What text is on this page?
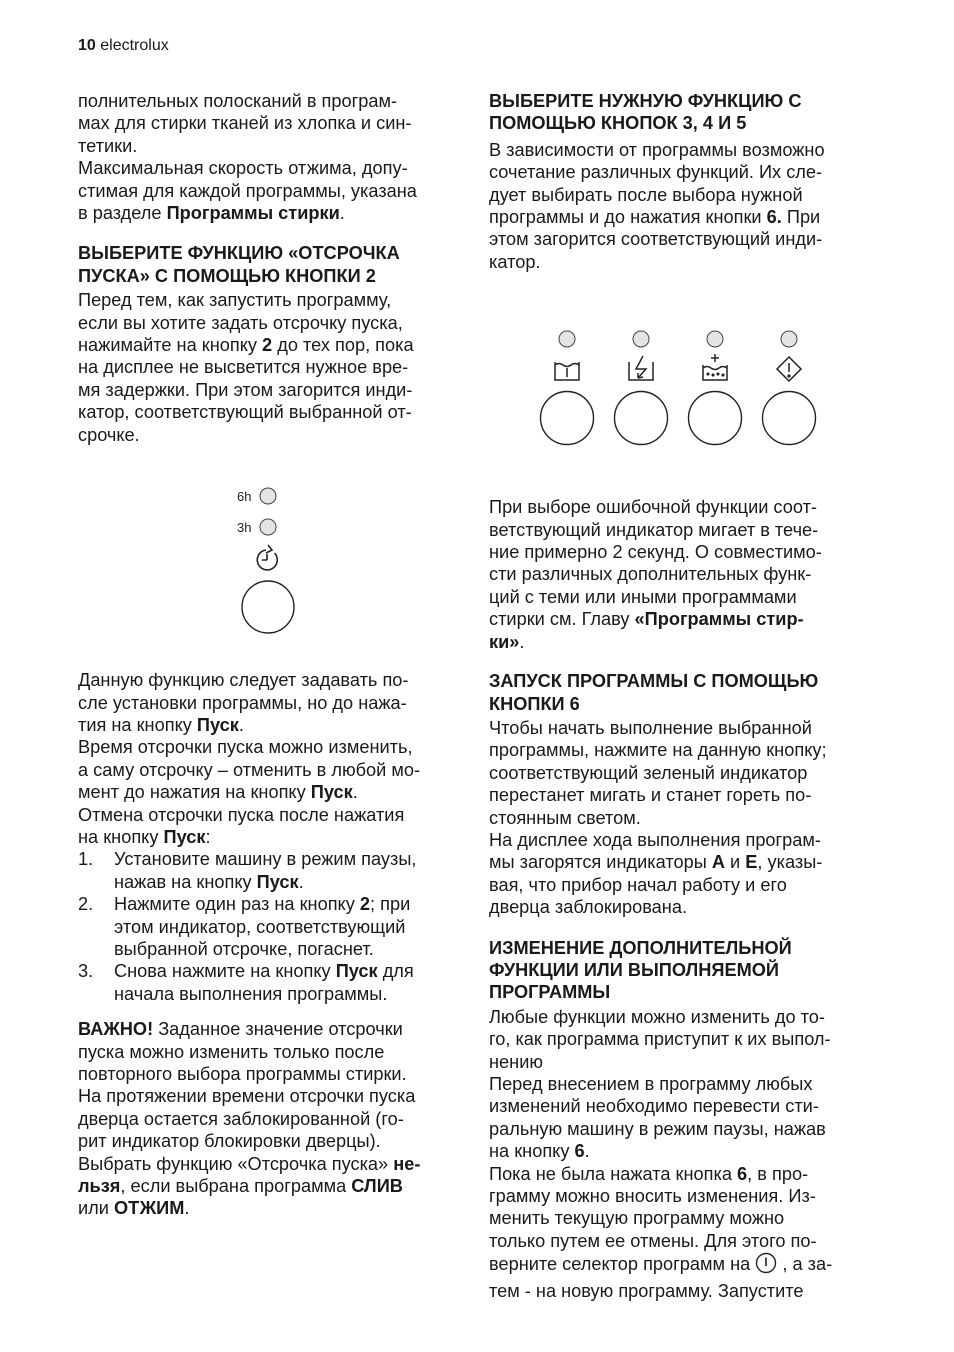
10 electrolux

полнительных полосканий в програм-
мах для стирки тканей из хлопка и син-
тетики.

Максимальная скорость отжима, допу-
стимая для каждой программы, указана
в разделе Программы стирки.

ВЫБЕРИТЕ ФУНКЦИЮ «ОТСРОЧКА
ПУСКА» С ПОМОЩЬЮ КНОПКИ 2

Перед тем, как запустить программу,
если вы хотите задать отсрочку пуска,
нажимайте на кнопку 2 до тех пор, пока
на дисплее не высветится нужное вре-
мя задержки. При этом загорится инди-
катор, соответствующий выбранной от-
срочке.

Данную функцию следует задавать по-
сле установки программы, но до нажа-
тия на кнопку Пуск.

Время отсрочки пуска можно изменить,
а саму отсрочку – отменить в любой мо-
мент до нажатия на кнопку Пуск.

Отмена отсрочки пуска после нажатия
на кнопку Пуск:

1. Установите машину в режим паузы,
нажав на кнопку Пуск.
2. Нажмите один раз на кнопку 2; при
этом индикатор, соответствующий
выбранной отсрочке, погаснет.
3. Снова нажмите на кнопку Пуск для
начала выполнения программы.

ВАЖНО! Заданное значение отсрочки
пуска можно изменить только после
повторного выбора программы стирки.
На протяжении времени отсрочки пуска
дверца остается заблокированной (го-
рит индикатор блокировки дверцы).
Выбрать функцию «Отсрочка пуска» не-
льзя, если выбрана программа СЛИВ
или ОТЖИМ.

6h
3h
ВЫБЕРИТЕ НУЖНУЮ ФУНКЦИЮ С
ПОМОЩЬЮ КНОПОК 3, 4 И 5

В зависимости от программы возможно
сочетание различных функций. Их сле-
дует выбирать после выбора нужной
программы и до нажатия кнопки 6. При
этом загорится соответствующий инди-
катор.

При выборе ошибочной функции соот-
ветствующий индикатор мигает в тече-
ние примерно 2 секунд. О совместимо-
сти различных дополнительных функ-
ций с теми или иными программами
стирки см. Главу «Программы стир-
ки».

ЗАПУСК ПРОГРАММЫ С ПОМОЩЬЮ
КНОПКИ 6

Чтобы начать выполнение выбранной
программы, нажмите на данную кнопку;
соответствующий зеленый индикатор
перестанет мигать и станет гореть по-
стоянным светом.

На дисплее хода выполнения програм-
мы загорятся индикаторы A и E, указы-
вая, что прибор начал работу и его
дверца заблокирована.

ИЗМЕНЕНИЕ ДОПОЛНИТЕЛЬНОЙ
ФУНКЦИИ ИЛИ ВЫПОЛНЯЕМОЙ
ПРОГРАММЫ

Любые функции можно изменить до то-
го, как программа приступит к их выпол-
нению

Перед внесением в программу любых
изменений необходимо перевести сти-
ральную машину в режим паузы, нажав
на кнопку 6.

Пока не была нажата кнопка 6, в про-
грамму можно вносить изменения. Из-
менить текущую программу можно
только путем ее отмены. Для этого по-
верните селектор программ на  , а за-
тем - на новую программу. Запустите
